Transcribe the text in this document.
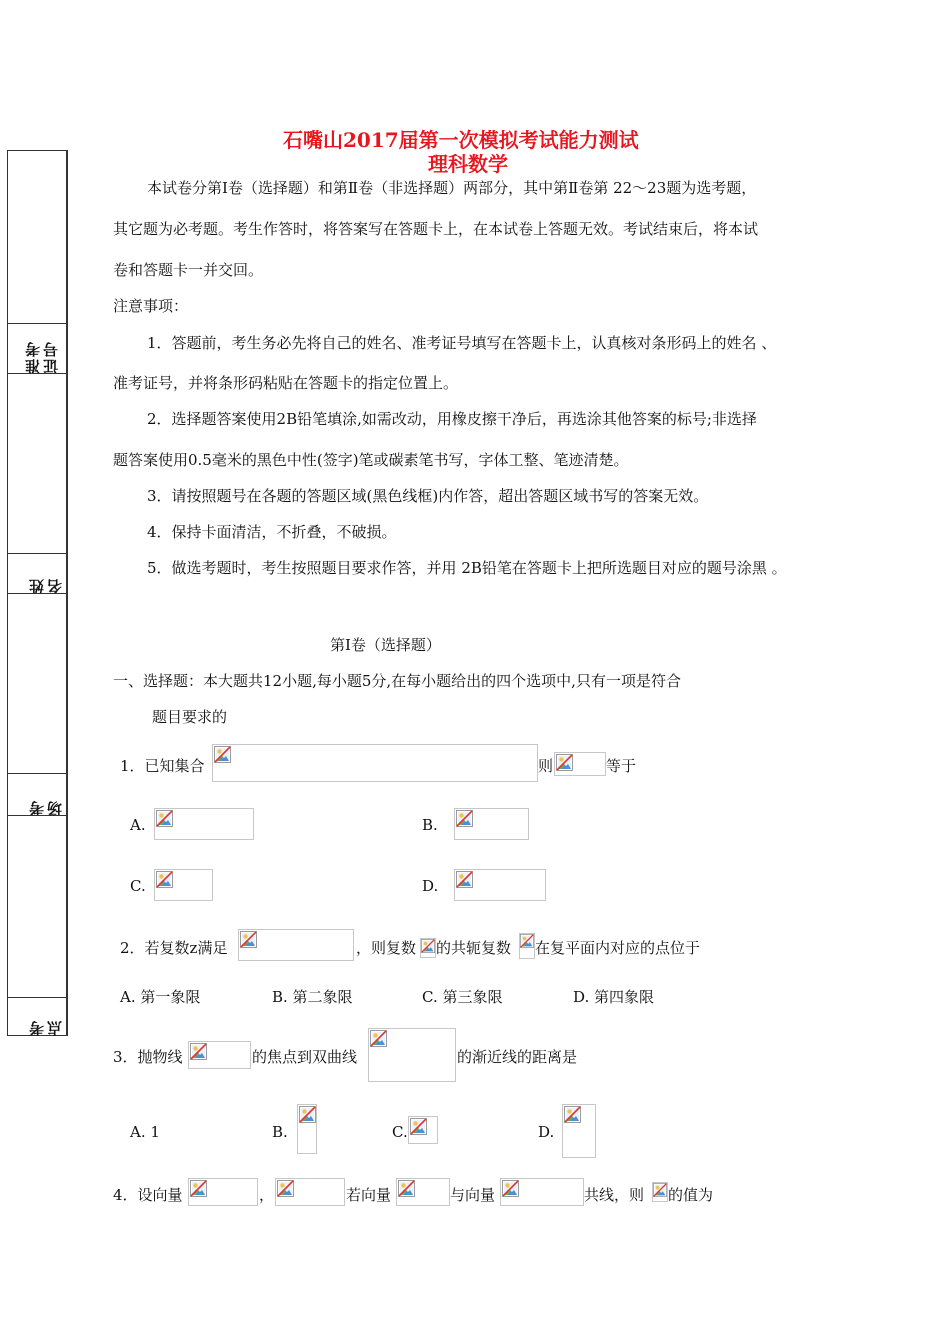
准考证号
姓 名
考 场
考 点
石嘴山2017届第一次模拟考试能力测试
理科数学
本试卷分第Ⅰ卷（选择题）和第Ⅱ卷（非选择题）两部分，其中第Ⅱ卷第 22～23题为选考题，
其它题为必考题。考生作答时，将答案写在答题卡上，在本试卷上答题无效。考试结束后，将本试
卷和答题卡一并交回。
注意事项：
1．答题前，考生务必先将自己的姓名、准考证号填写在答题卡上，认真核对条形码上的姓名 、
准考证号，并将条形码粘贴在答题卡的指定位置上。
2．选择题答案使用2B铅笔填涂,如需改动，用橡皮擦干净后，再选涂其他答案的标号;非选择
题答案使用0.5毫米的黑色中性(签字)笔或碳素笔书写，字体工整、笔迹清楚。
3．请按照题号在各题的答题区域(黑色线框)内作答，超出答题区域书写的答案无效。
4．保持卡面清洁，不折叠，不破损。
5．做选考题时，考生按照题目要求作答，并用 2B铅笔在答题卡上把所选题目对应的题号涂黑 。
第Ⅰ卷（选择题）
一、选择题：本大题共12小题,每小题5分,在每小题给出的四个选项中,只有一项是符合
题目要求的
1．已知集合	则	等于
A.	B.
C.	D.
2．若复数z满足	，则复数 的共轭复数 在复平面内对应的点位于
A. 第一象限	B. 第二象限	C. 第三象限	D. 第四象限
3．抛物线	的焦点到双曲线	的渐近线的距离是
A. 1	B.	C.	D.
4．设向量	，	若向量	与向量	共线，则 的值为
